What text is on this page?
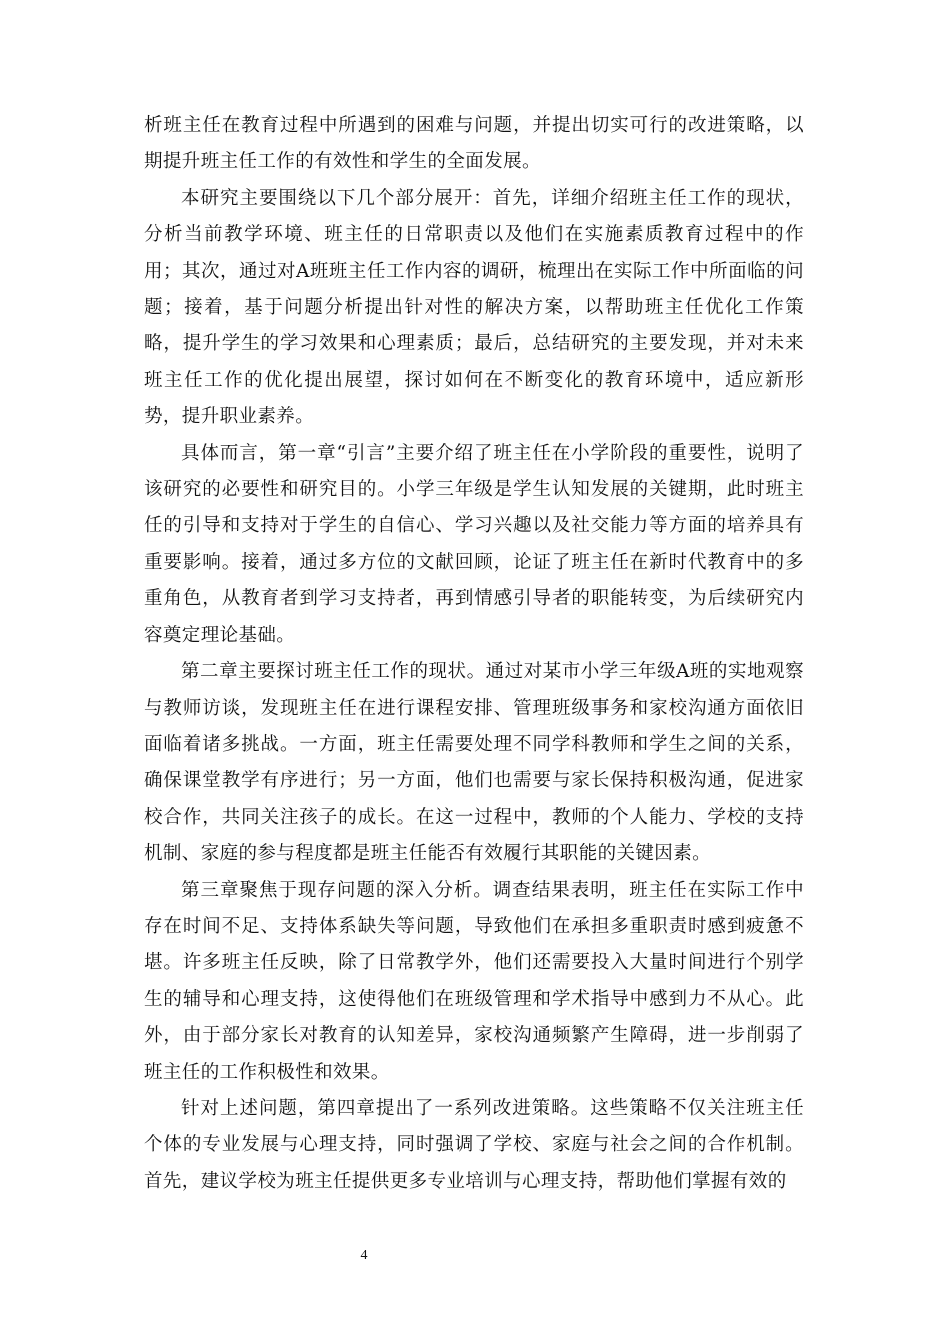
析班主任在教育过程中所遇到的困难与问题，并提出切实可行的改进策略，以期提升班主任工作的有效性和学生的全面发展。

本研究主要围绕以下几个部分展开：首先，详细介绍班主任工作的现状，分析当前教学环境、班主任的日常职责以及他们在实施素质教育过程中的作用；其次，通过对A班班主任工作内容的调研，梳理出在实际工作中所面临的问题；接着，基于问题分析提出针对性的解决方案，以帮助班主任优化工作策略，提升学生的学习效果和心理素质；最后，总结研究的主要发现，并对未来班主任工作的优化提出展望，探讨如何在不断变化的教育环境中，适应新形势，提升职业素养。

具体而言，第一章“引言”主要介绍了班主任在小学阶段的重要性，说明了该研究的必要性和研究目的。小学三年级是学生认知发展的关键期，此时班主任的引导和支持对于学生的自信心、学习兴趣以及社交能力等方面的培养具有重要影响。接着，通过多方位的文献回顾，论证了班主任在新时代教育中的多重角色，从教育者到学习支持者，再到情感引导者的职能转变，为后续研究内容奠定理论基础。

第二章主要探讨班主任工作的现状。通过对某市小学三年级A班的实地观察与教师访谈，发现班主任在进行课程安排、管理班级事务和家校沟通方面依旧面临着诸多挑战。一方面，班主任需要处理不同学科教师和学生之间的关系，确保课堂教学有序进行；另一方面，他们也需要与家长保持积极沟通，促进家校合作，共同关注孩子的成长。在这一过程中，教师的个人能力、学校的支持机制、家庭的参与程度都是班主任能否有效履行其职能的关键因素。

第三章聚焦于现存问题的深入分析。调查结果表明，班主任在实际工作中存在时间不足、支持体系缺失等问题，导致他们在承担多重职责时感到疲惫不堪。许多班主任反映，除了日常教学外，他们还需要投入大量时间进行个别学生的辅导和心理支持，这使得他们在班级管理和学术指导中感到力不从心。此外，由于部分家长对教育的认知差异，家校沟通频繁产生障碍，进一步削弱了班主任的工作积极性和效果。

针对上述问题，第四章提出了一系列改进策略。这些策略不仅关注班主任个体的专业发展与心理支持，同时强调了学校、家庭与社会之间的合作机制。首先，建议学校为班主任提供更多专业培训与心理支持，帮助他们掌握有效的

4
